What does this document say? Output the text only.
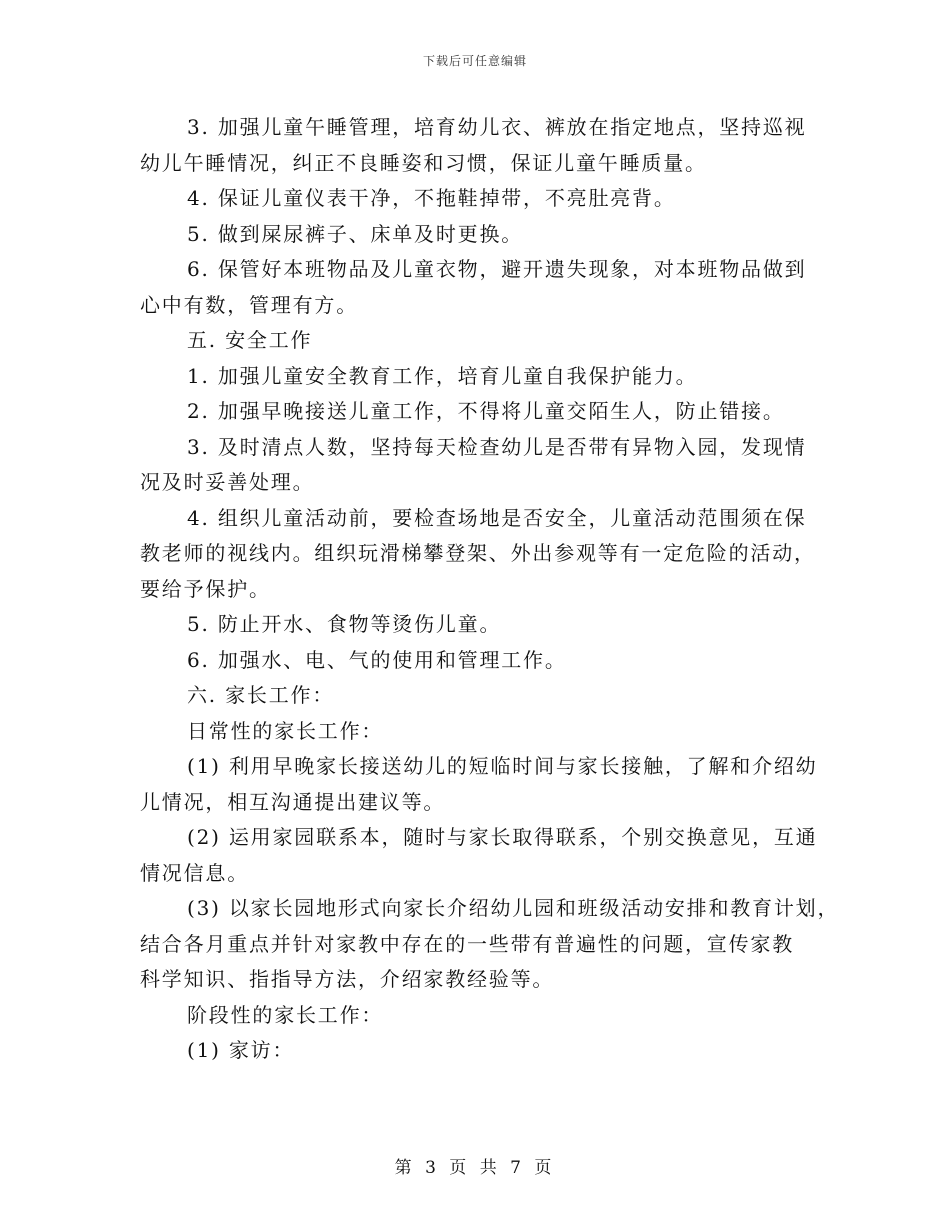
下载后可任意编辑

3. 加强儿童午睡管理，培育幼儿衣、裤放在指定地点，坚持巡视

幼儿午睡情况，纠正不良睡姿和习惯，保证儿童午睡质量。

4. 保证儿童仪表干净，不拖鞋掉带，不亮肚亮背。

5. 做到屎尿裤子、床单及时更换。

6. 保管好本班物品及儿童衣物，避开遗失现象，对本班物品做到

心中有数，管理有方。

五. 安全工作

1. 加强儿童安全教育工作，培育儿童自我保护能力。

2. 加强早晚接送儿童工作，不得将儿童交陌生人，防止错接。

3. 及时清点人数，坚持每天检查幼儿是否带有异物入园，发现情

况及时妥善处理。

4. 组织儿童活动前，要检查场地是否安全，儿童活动范围须在保

教老师的视线内。组织玩滑梯攀登架、外出参观等有一定危险的活动，

要给予保护。

5. 防止开水、食物等烫伤儿童。

6. 加强水、电、气的使用和管理工作。

六. 家长工作：

日常性的家长工作：

(1) 利用早晚家长接送幼儿的短临时间与家长接触，了解和介绍幼

儿情况，相互沟通提出建议等。

(2) 运用家园联系本，随时与家长取得联系，个别交换意见，互通

情况信息。

(3) 以家长园地形式向家长介绍幼儿园和班级活动安排和教育计划，

结合各月重点并针对家教中存在的一些带有普遍性的问题，宣传家教

科学知识、指指导方法，介绍家教经验等。

阶段性的家长工作：

(1) 家访：

第 3 页 共 7 页
